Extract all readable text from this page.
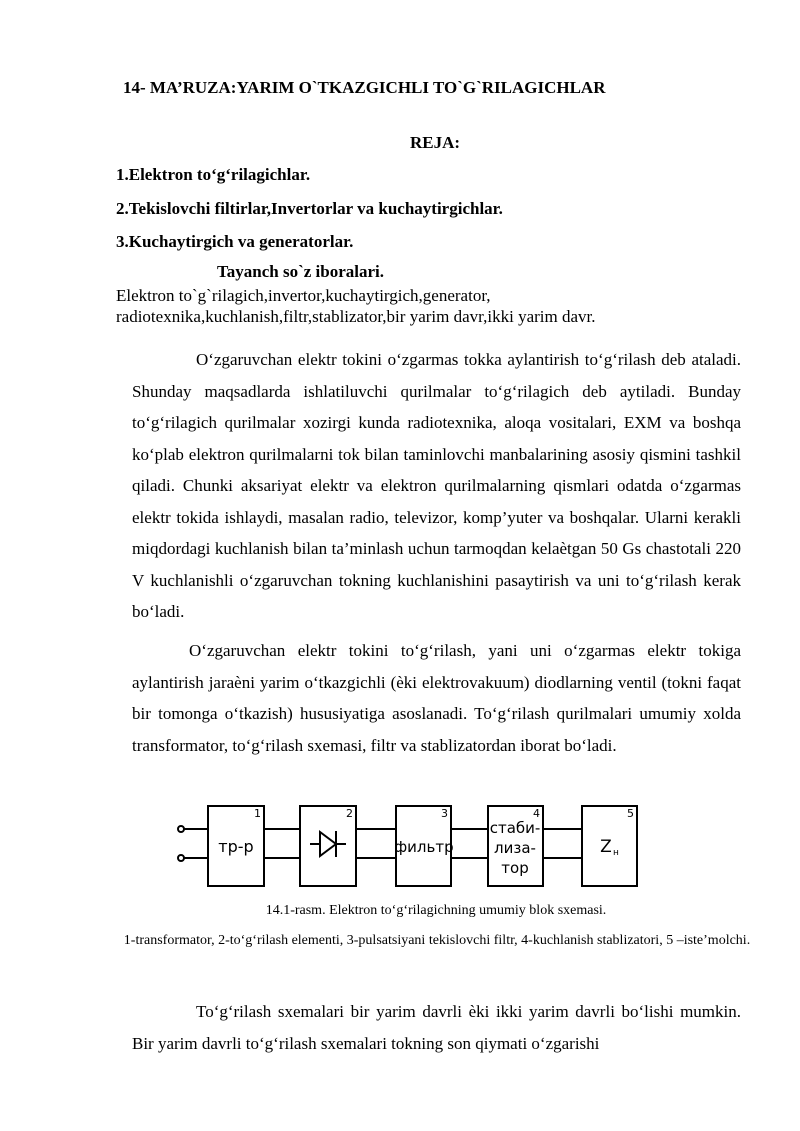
14- MA’RUZA:YARIM O`TKAZGICHLI TO`G`RILAGICHLAR
REJA:
1.Elektron to‘g‘rilagichlar.
2.Tekislovchi filtirlar,Invertorlar va kuchaytirgichlar.
3.Kuchaytirgich va generatorlar.
Tayanch so`z iboralari.
Elektron to`g`rilagich,invertor,kuchaytirgich,generator, radiotexnika,kuchlanish,filtr,stablizator,bir yarim davr,ikki yarim davr.
O‘zgaruvchan elektr tokini o‘zgarmas tokka aylantirish to‘g‘rilash deb ataladi. Shunday maqsadlarda ishlatiluvchi qurilmalar to‘g‘rilagich deb aytiladi. Bunday to‘g‘rilagich qurilmalar xozirgi kunda radiotexnika, aloqa vositalari, EXM va boshqa ko‘plab elektron qurilmalarni tok bilan taminlovchi manbalarining asosiy qismini tashkil qiladi. Chunki aksariyat elektr va elektron qurilmalarning qismlari odatda o‘zgarmas elektr tokida ishlaydi, masalan radio, televizor, komp’yuter va boshqalar. Ularni kerakli miqdordagi kuchlanish bilan ta’minlash uchun tarmoqdan kelaètgan 50 Gs chastotali 220 V kuchlanishli o‘zgaruvchan tokning kuchlanishini pasaytirish va uni to‘g‘rilash kerak bo‘ladi.
O‘zgaruvchan elektr tokini to‘g‘rilash, yani uni o‘zgarmas elektr tokiga aylantirish jaraèni yarim o‘tkazgichli (èki elektrovakuum) diodlarning ventil (tokni faqat bir tomonga o‘tkazish) hususiyatiga asoslanadi. To‘g‘rilash qurilmalari umumiy xolda transformator, to‘g‘rilash sxemasi, filtr va stablizatordan iborat bo‘ladi.
1	2	3	4	5
тр-р	фильтр
стаби-
лиза-
тор
Z н
14.1-rasm. Elektron to‘g‘rilagichning umumiy blok sxemasi.
1-transformator, 2-to‘g‘rilash elementi, 3-pulsatsiyani tekislovchi filtr, 4-kuchlanish stablizatori, 5 –iste’molchi.
To‘g‘rilash sxemalari bir yarim davrli èki ikki yarim davrli bo‘lishi mumkin. Bir yarim davrli to‘g‘rilash sxemalari tokning son qiymati o‘zgarishi
